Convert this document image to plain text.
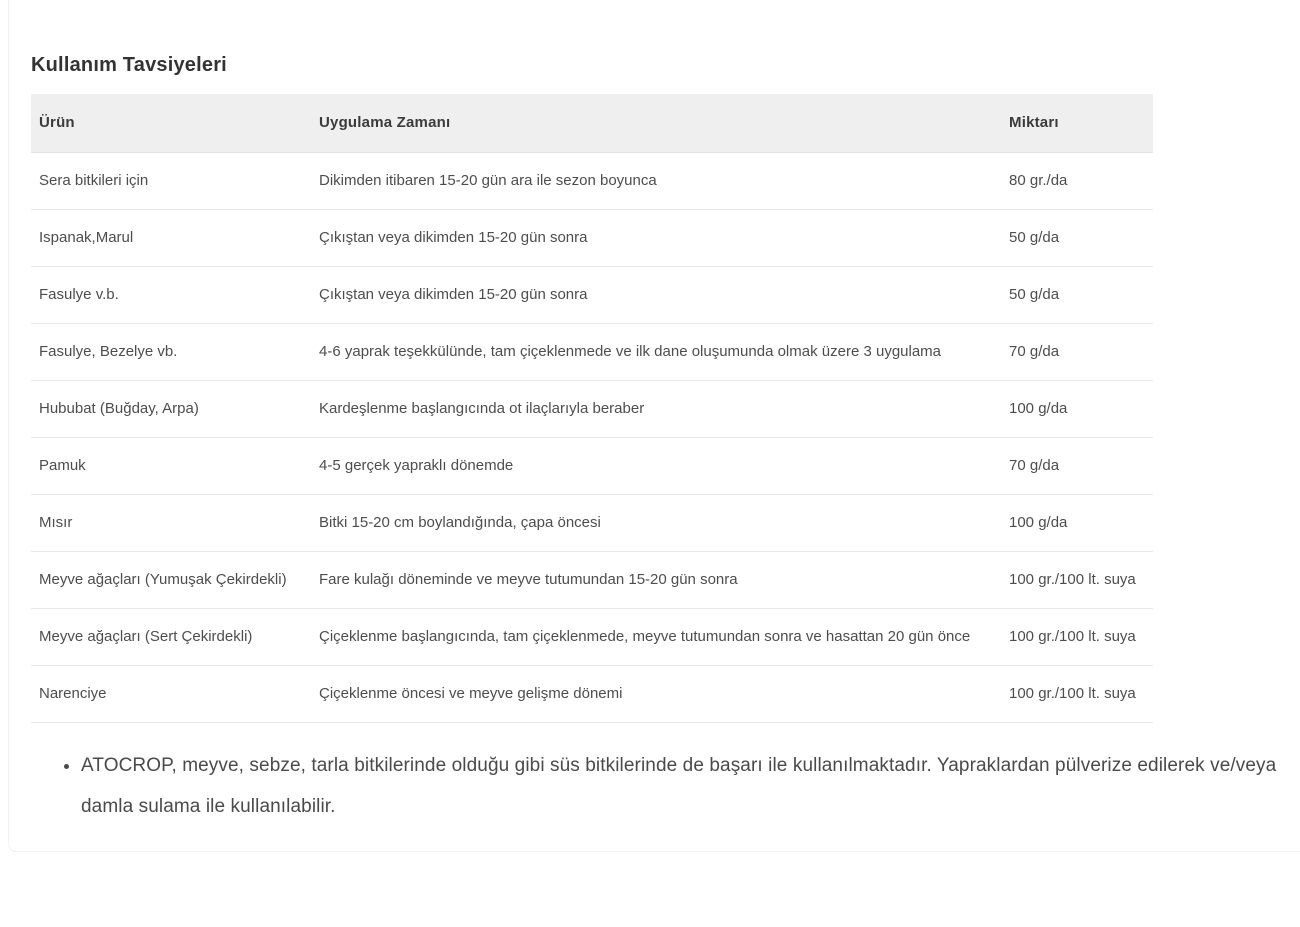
Kullanım Tavsiyeleri
Ürün	Uygulama Zamanı	Miktarı
Sera bitkileri için	Dikimden itibaren 15-20 gün ara ile sezon boyunca	80 gr./da
Ispanak,Marul	Çıkıştan veya dikimden 15-20 gün sonra	50 g/da
Fasulye v.b.	Çıkıştan veya dikimden 15-20 gün sonra	50 g/da
Fasulye, Bezelye vb.	4-6 yaprak teşekkülünde, tam çiçeklenmede ve ilk dane oluşumunda olmak üzere 3 uygulama	70 g/da
Hububat (Buğday, Arpa)	Kardeşlenme başlangıcında ot ilaçlarıyla beraber	100 g/da
Pamuk	4-5 gerçek yapraklı dönemde	70 g/da
Mısır	Bitki 15-20 cm boylandığında, çapa öncesi	100 g/da
Meyve ağaçları (Yumuşak Çekirdekli)	Fare kulağı döneminde ve meyve tutumundan 15-20 gün sonra	100 gr./100 lt. suya
Meyve ağaçları (Sert Çekirdekli)	Çiçeklenme başlangıcında, tam çiçeklenmede, meyve tutumundan sonra ve hasattan 20 gün önce	100 gr./100 lt. suya
Narenciye	Çiçeklenme öncesi ve meyve gelişme dönemi	100 gr./100 lt. suya
• ATOCROP, meyve, sebze, tarla bitkilerinde olduğu gibi süs bitkilerinde de başarı ile kullanılmaktadır. Yapraklardan pülverize edilerek ve/veya damla sulama ile kullanılabilir.
